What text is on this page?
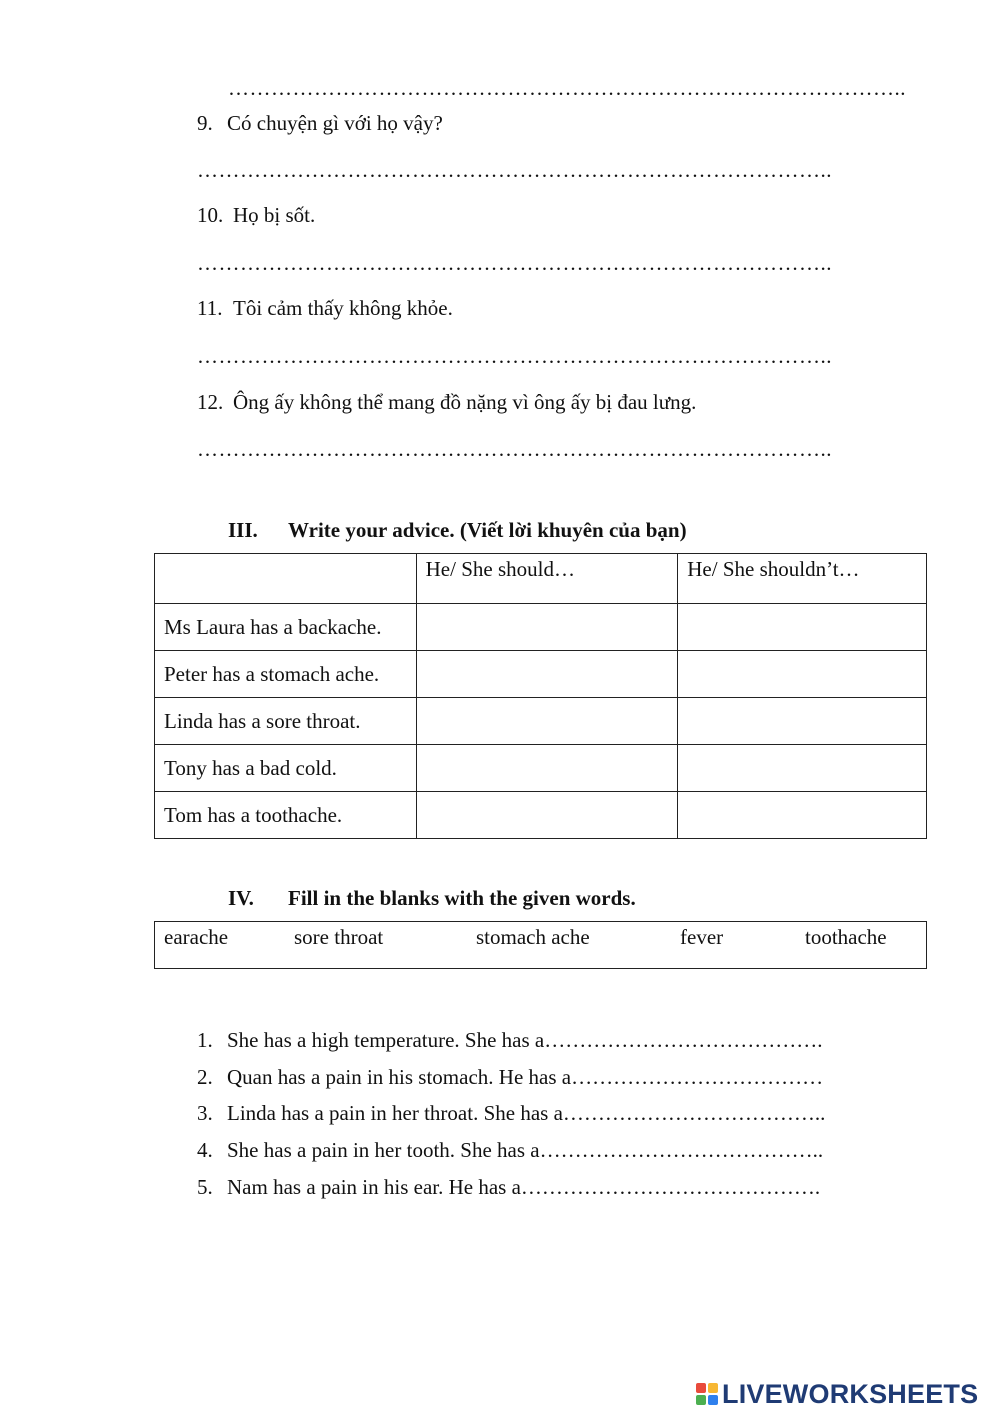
…………………………………………………………………………………..
9. Có chuyện gì với họ vậy?
……………………………………………………………………………..
10. Họ bị sốt.
……………………………………………………………………………..
11. Tôi cảm thấy không khỏe.
……………………………………………………………………………..
12. Ông ấy không thể mang đồ nặng vì ông ấy bị đau lưng.
……………………………………………………………………………..
III. Write your advice. (Viết lời khuyên của bạn)
	He/ She should…	He/ She shouldn’t…
Ms Laura has a backache.		
Peter has a stomach ache.		
Linda has a sore throat.		
Tony has a bad cold.		
Tom has a toothache.		
IV. Fill in the blanks with the given words.
earache	sore throat	stomach ache	fever	toothache
1. She has a high temperature. She has a………………………………….
2. Quan has a pain in his stomach. He has a………………………………
3. Linda has a pain in her throat. She has a………………………………..
4. She has a pain in her tooth. She has a…………………………………..
5. Nam has a pain in his ear. He has a…………………………………….
LIVEWORKSHEETS
